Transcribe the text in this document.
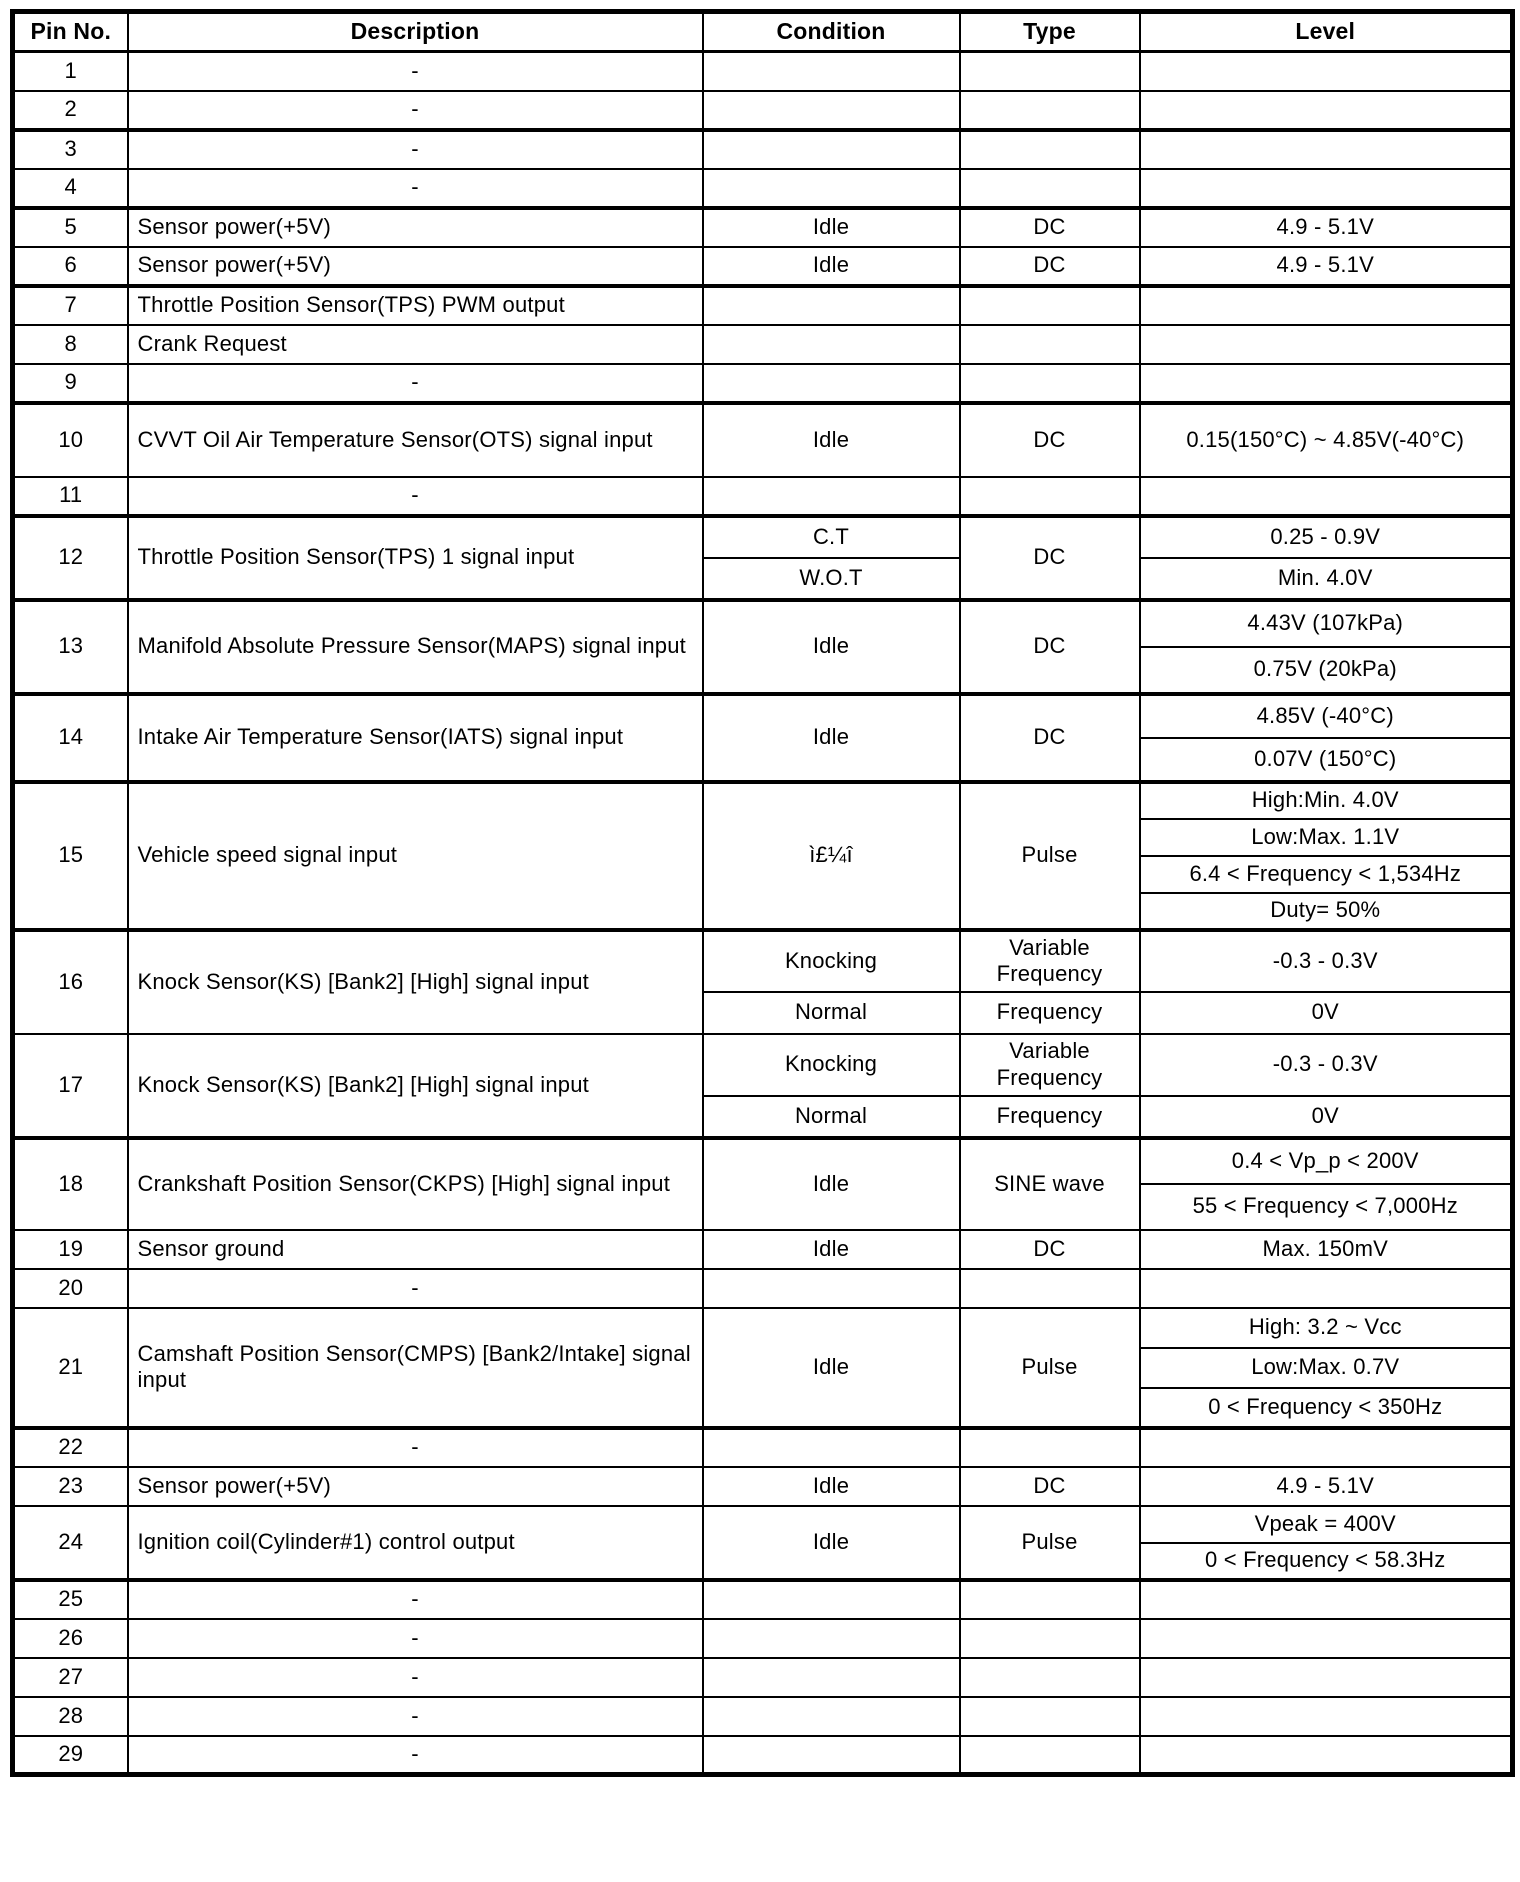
Pin No.	Description	Condition	Type	Level
1	-			
2	-			
3	-			
4	-			
5	Sensor power(+5V)	Idle	DC	4.9 - 5.1V
6	Sensor power(+5V)	Idle	DC	4.9 - 5.1V
7	Throttle Position Sensor(TPS) PWM output			
8	Crank Request			
9	-			
10	CVVT Oil Air Temperature Sensor(OTS) signal input	Idle	DC	0.15(150°C) ~ 4.85V(-40°C)
11	-			
12	Throttle Position Sensor(TPS) 1 signal input	C.T	DC	0.25 - 0.9V
		W.O.T		Min. 4.0V
13	Manifold Absolute Pressure Sensor(MAPS) signal input	Idle	DC	4.43V (107kPa)
				0.75V (20kPa)
14	Intake Air Temperature Sensor(IATS) signal input	Idle	DC	4.85V (-40°C)
				0.07V (150°C)
15	Vehicle speed signal input	ì£¼î	Pulse	High:Min. 4.0V
				Low:Max. 1.1V
				6.4 < Frequency < 1,534Hz
				Duty= 50%
16	Knock Sensor(KS) [Bank2] [High] signal input	Knocking	Variable Frequency	-0.3 - 0.3V
		Normal	Frequency	0V
17	Knock Sensor(KS) [Bank2] [High] signal input	Knocking	Variable Frequency	-0.3 - 0.3V
		Normal	Frequency	0V
18	Crankshaft Position Sensor(CKPS) [High] signal input	Idle	SINE wave	0.4 < Vp_p < 200V
				55 < Frequency < 7,000Hz
19	Sensor ground	Idle	DC	Max. 150mV
20	-			
21	Camshaft Position Sensor(CMPS) [Bank2/Intake] signal input	Idle	Pulse	High: 3.2 ~ Vcc
				Low:Max. 0.7V
				0 < Frequency < 350Hz
22	-			
23	Sensor power(+5V)	Idle	DC	4.9 - 5.1V
24	Ignition coil(Cylinder#1) control output	Idle	Pulse	Vpeak = 400V
				0 < Frequency < 58.3Hz
25	-			
26	-			
27	-			
28	-			
29	-			
